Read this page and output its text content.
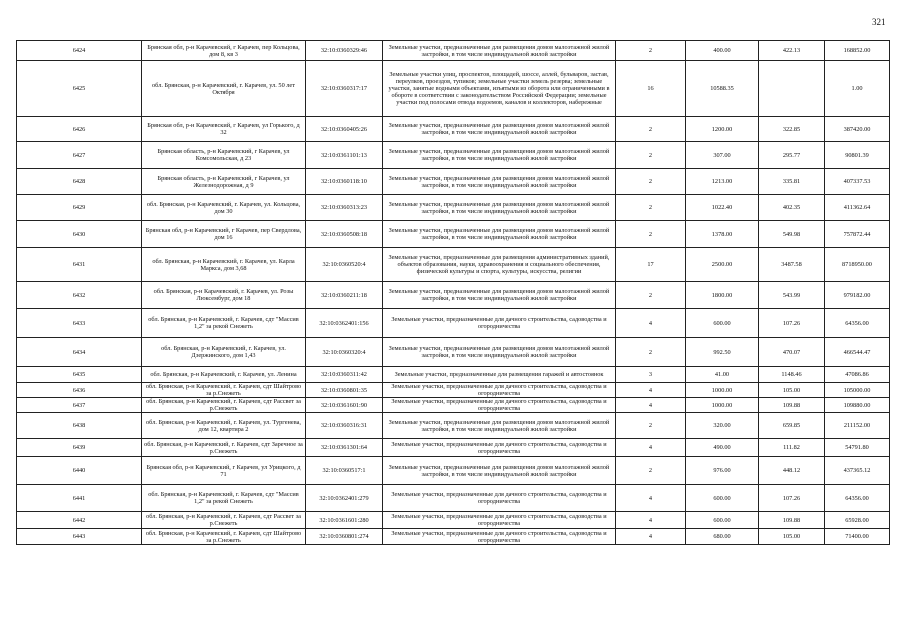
321
6424	Брянская обл, р-н Карачевский, г Карачев, пер Кольцова, дом 8, кв 3	32:10:0360329:46	Земельные участки, предназначенные для размещения домов малоэтажной жилой застройки, в том числе индивидуальной жилой застройки	2	400.00	422.13	168852.00
6425	обл. Брянская, р-н Карачевский, г. Карачев, ул. 50 лет Октября	32:10:0360317:17	Земельные участки улиц, проспектов, площадей, шоссе, аллей, бульваров, застав, переулков, проездов, тупиков; земельные участки земель резерва; земельные участки, занятые водными объектами, изъятыми из оборота или ограниченными в обороте в соответствии с законодательством Российской Федерации; земельные участки под полосами отвода водоемов, каналов и коллекторов, набережные	16	10588.35		1.00
6426	Брянская обл, р-н Карачевский, г Карачев, ул Горького, д 32	32:10:0360405:26	Земельные участки, предназначенные для размещения домов малоэтажной жилой застройки, в том числе индивидуальной жилой застройки	2	1200.00	322.85	387420.00
6427	Брянская область, р-н Карачевский, г Карачев, ул Комсомольская, д 23	32:10:0361101:13	Земельные участки, предназначенные для размещения домов малоэтажной жилой застройки, в том числе индивидуальной жилой застройки	2	307.00	295.77	90801.39
6428	Брянская область, р-н Карачевский, г Карачев, ул Железнодорожная, д 9	32:10:0360118:10	Земельные участки, предназначенные для размещения домов малоэтажной жилой застройки, в том числе индивидуальной жилой застройки	2	1213.00	335.81	407337.53
6429	обл. Брянская, р-н Карачевский, г. Карачев, ул. Кольцова, дом 30	32:10:0360313:23	Земельные участки, предназначенные для размещения домов малоэтажной жилой застройки, в том числе индивидуальной жилой застройки	2	1022.40	402.35	411362.64
6430	Брянская обл, р-н Карачевский, г Карачев, пер Свердлова, дом 16	32:10:0360508:18	Земельные участки, предназначенные для размещения домов малоэтажной жилой застройки, в том числе индивидуальной жилой застройки	2	1378.00	549.98	757872.44
6431	обл. Брянская, р-н Карачевский, г. Карачев, ул. Карла Маркса, дом 3,68	32:10:0360520:4	Земельные участки, предназначенные для размещения административных зданий, объектов образования, науки, здравоохранения и социального обеспечения, физической культуры и спорта, культуры, искусства, религии	17	2500.00	3487.58	8718950.00
6432	обл. Брянская, р-н Карачевский, г. Карачев, ул. Розы Люксембург, дом 18	32:10:0360211:18	Земельные участки, предназначенные для размещения домов малоэтажной жилой застройки, в том числе индивидуальной жилой застройки	2	1800.00	543.99	979182.00
6433	обл. Брянская, р-н Карачевский, г. Карачев, сдт "Массив 1,2" за рекой Снежеть	32:10:0362401:156	Земельные участки, предназначенные для дачного строительства, садоводства и огородничества	4	600.00	107.26	64356.00
6434	обл. Брянская, р-н Карачевский, г. Карачев, ул. Дзержинского, дом 1,43	32:10:0360320:4	Земельные участки, предназначенные для размещения домов малоэтажной жилой застройки, в том числе индивидуальной жилой застройки	2	992.50	470.07	466544.47
6435	обл. Брянская, р-н Карачевский, г. Карачев, ул. Ленина	32:10:0360311:42	Земельные участки, предназначенные для размещения гаражей и автостоянок	3	41.00	1148.46	47086.86
6436	обл. Брянская, р-н Карачевский, г. Карачев, сдт Шайтрово за р.Снежеть	32:10:0360801:35	Земельные участки, предназначенные для дачного строительства, садоводства и огородничества	4	1000.00	105.00	105000.00
6437	обл. Брянская, р-н Карачевский, г. Карачев, сдт Рассвет за р.Снежеть	32:10:0361601:90	Земельные участки, предназначенные для дачного строительства, садоводства и огородничества	4	1000.00	109.88	109880.00
6438	обл. Брянская, р-н Карачевский, г. Карачев, ул. Тургенева, дом 12, квартира 2	32:10:0360316:31	Земельные участки, предназначенные для размещения домов малоэтажной жилой застройки, в том числе индивидуальной жилой застройки	2	320.00	659.85	211152.00
6439	обл. Брянская, р-н Карачевский, г. Карачев, сдт Заречное за р.Снежеть	32:10:0361301:64	Земельные участки, предназначенные для дачного строительства, садоводства и огородничества	4	490.00	111.82	54791.80
6440	Брянская обл, р-н Карачевский, г Карачев, ул Урицкого, д 71	32:10:0360517:1	Земельные участки, предназначенные для размещения домов малоэтажной жилой застройки, в том числе индивидуальной жилой застройки	2	976.00	448.12	437365.12
6441	обл. Брянская, р-н Карачевский, г. Карачев, сдт "Массив 1,2" за рекой Снежеть	32:10:0362401:279	Земельные участки, предназначенные для дачного строительства, садоводства и огородничества	4	600.00	107.26	64356.00
6442	обл. Брянская, р-н Карачевский, г. Карачев, сдт Рассвет за р.Снежеть	32:10:0361601:280	Земельные участки, предназначенные для дачного строительства, садоводства и огородничества	4	600.00	109.88	65928.00
6443	обл. Брянская, р-н Карачевский, г. Карачев, сдт Шайтрово за р.Снежеть	32:10:0360801:274	Земельные участки, предназначенные для дачного строительства, садоводства и огородничества	4	680.00	105.00	71400.00
